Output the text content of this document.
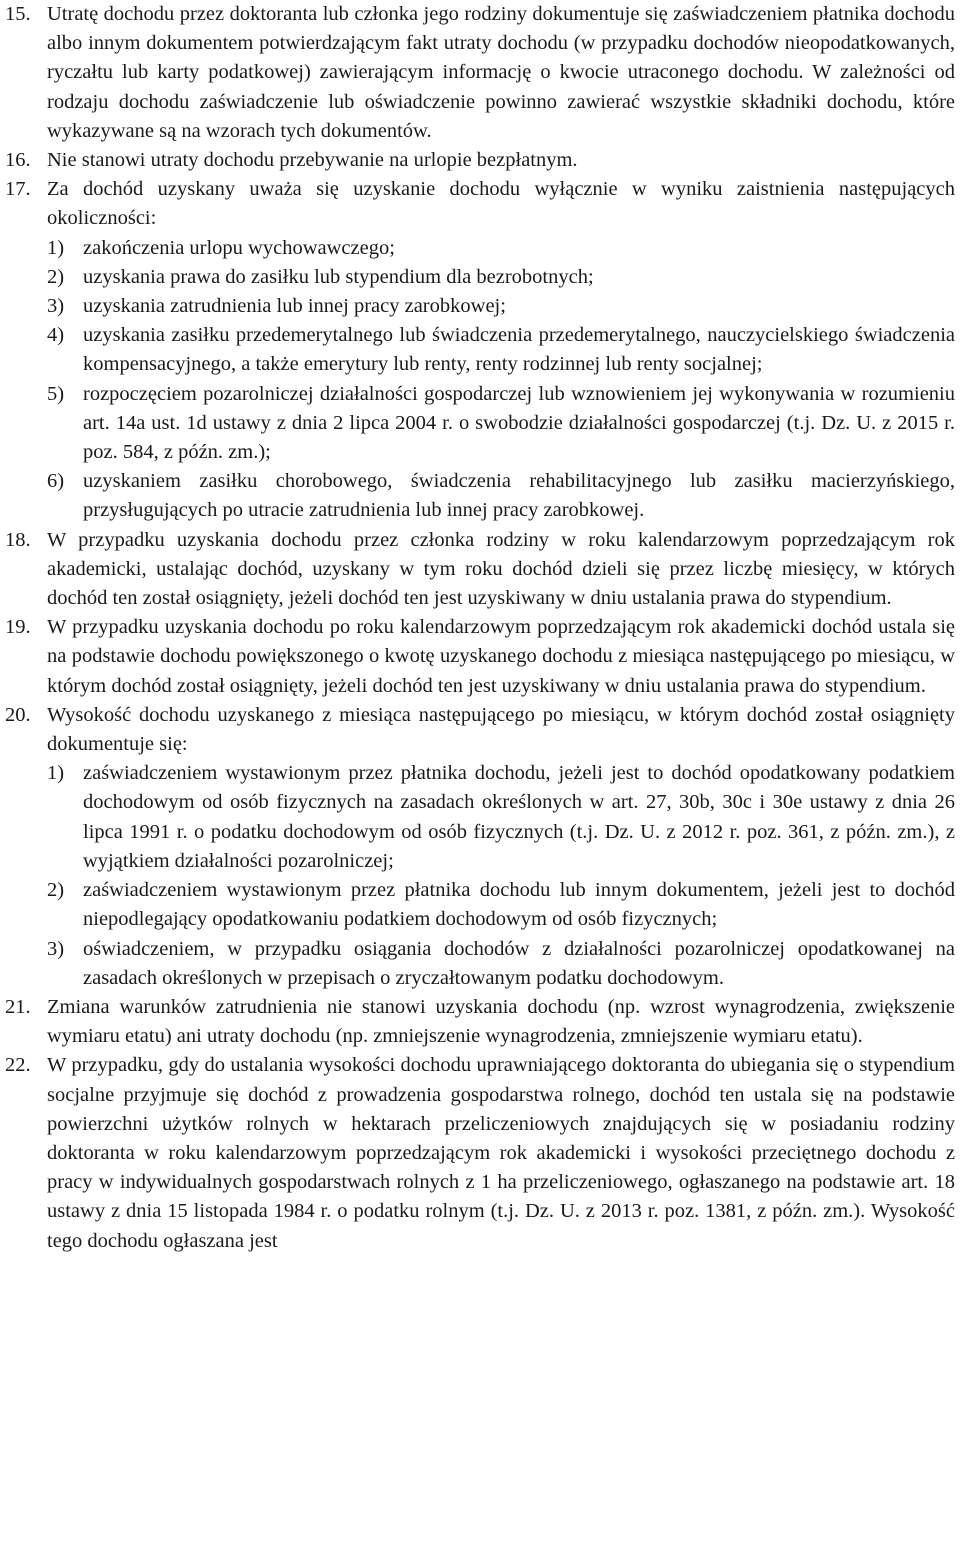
15. Utratę dochodu przez doktoranta lub członka jego rodziny dokumentuje się zaświadczeniem płatnika dochodu albo innym dokumentem potwierdzającym fakt utraty dochodu (w przypadku dochodów nieopodatkowanych, ryczałtu lub karty podatkowej) zawierającym informację o kwocie utraconego dochodu. W zależności od rodzaju dochodu zaświadczenie lub oświadczenie powinno zawierać wszystkie składniki dochodu, które wykazywane są na wzorach tych dokumentów.
16. Nie stanowi utraty dochodu przebywanie na urlopie bezpłatnym.
17. Za dochód uzyskany uważa się uzyskanie dochodu wyłącznie w wyniku zaistnienia następujących okoliczności:
1) zakończenia urlopu wychowawczego;
2) uzyskania prawa do zasiłku lub stypendium dla bezrobotnych;
3) uzyskania zatrudnienia lub innej pracy zarobkowej;
4) uzyskania zasiłku przedemerytalnego lub świadczenia przedemerytalnego, nauczycielskiego świadczenia kompensacyjnego, a także emerytury lub renty, renty rodzinnej lub renty socjalnej;
5) rozpoczęciem pozarolniczej działalności gospodarczej lub wznowieniem jej wykonywania w rozumieniu art. 14a ust. 1d ustawy z dnia 2 lipca 2004 r. o swobodzie działalności gospodarczej (t.j. Dz. U. z 2015 r. poz. 584, z późn. zm.);
6) uzyskaniem zasiłku chorobowego, świadczenia rehabilitacyjnego lub zasiłku macierzyńskiego, przysługujących po utracie zatrudnienia lub innej pracy zarobkowej.
18. W przypadku uzyskania dochodu przez członka rodziny w roku kalendarzowym poprzedzającym rok akademicki, ustalając dochód, uzyskany w tym roku dochód dzieli się przez liczbę miesięcy, w których dochód ten został osiągnięty, jeżeli dochód ten jest uzyskiwany w dniu ustalania prawa do stypendium.
19. W przypadku uzyskania dochodu po roku kalendarzowym poprzedzającym rok akademicki dochód ustala się na podstawie dochodu powiększonego o kwotę uzyskanego dochodu z miesiąca następującego po miesiącu, w którym dochód został osiągnięty, jeżeli dochód ten jest uzyskiwany w dniu ustalania prawa do stypendium.
20. Wysokość dochodu uzyskanego z miesiąca następującego po miesiącu, w którym dochód został osiągnięty dokumentuje się:
1) zaświadczeniem wystawionym przez płatnika dochodu, jeżeli jest to dochód opodatkowany podatkiem dochodowym od osób fizycznych na zasadach określonych w art. 27, 30b, 30c i 30e ustawy z dnia 26 lipca 1991 r. o podatku dochodowym od osób fizycznych (t.j. Dz. U. z 2012 r. poz. 361, z późn. zm.), z wyjątkiem działalności pozarolniczej;
2) zaświadczeniem wystawionym przez płatnika dochodu lub innym dokumentem, jeżeli jest to dochód niepodlegający opodatkowaniu podatkiem dochodowym od osób fizycznych;
3) oświadczeniem, w przypadku osiągania dochodów z działalności pozarolniczej opodatkowanej na zasadach określonych w przepisach o zryczałtowanym podatku dochodowym.
21. Zmiana warunków zatrudnienia nie stanowi uzyskania dochodu (np. wzrost wynagrodzenia, zwiększenie wymiaru etatu) ani utraty dochodu (np. zmniejszenie wynagrodzenia, zmniejszenie wymiaru etatu).
22. W przypadku, gdy do ustalania wysokości dochodu uprawniającego doktoranta do ubiegania się o stypendium socjalne przyjmuje się dochód z prowadzenia gospodarstwa rolnego, dochód ten ustala się na podstawie powierzchni użytków rolnych w hektarach przeliczeniowych znajdujących się w posiadaniu rodziny doktoranta w roku kalendarzowym poprzedzającym rok akademicki i wysokości przeciętnego dochodu z pracy w indywidualnych gospodarstwach rolnych z 1 ha przeliczeniowego, ogłaszanego na podstawie art. 18 ustawy z dnia 15 listopada 1984 r. o podatku rolnym (t.j. Dz. U. z 2013 r. poz. 1381, z późn. zm.). Wysokość tego dochodu ogłaszana jest
